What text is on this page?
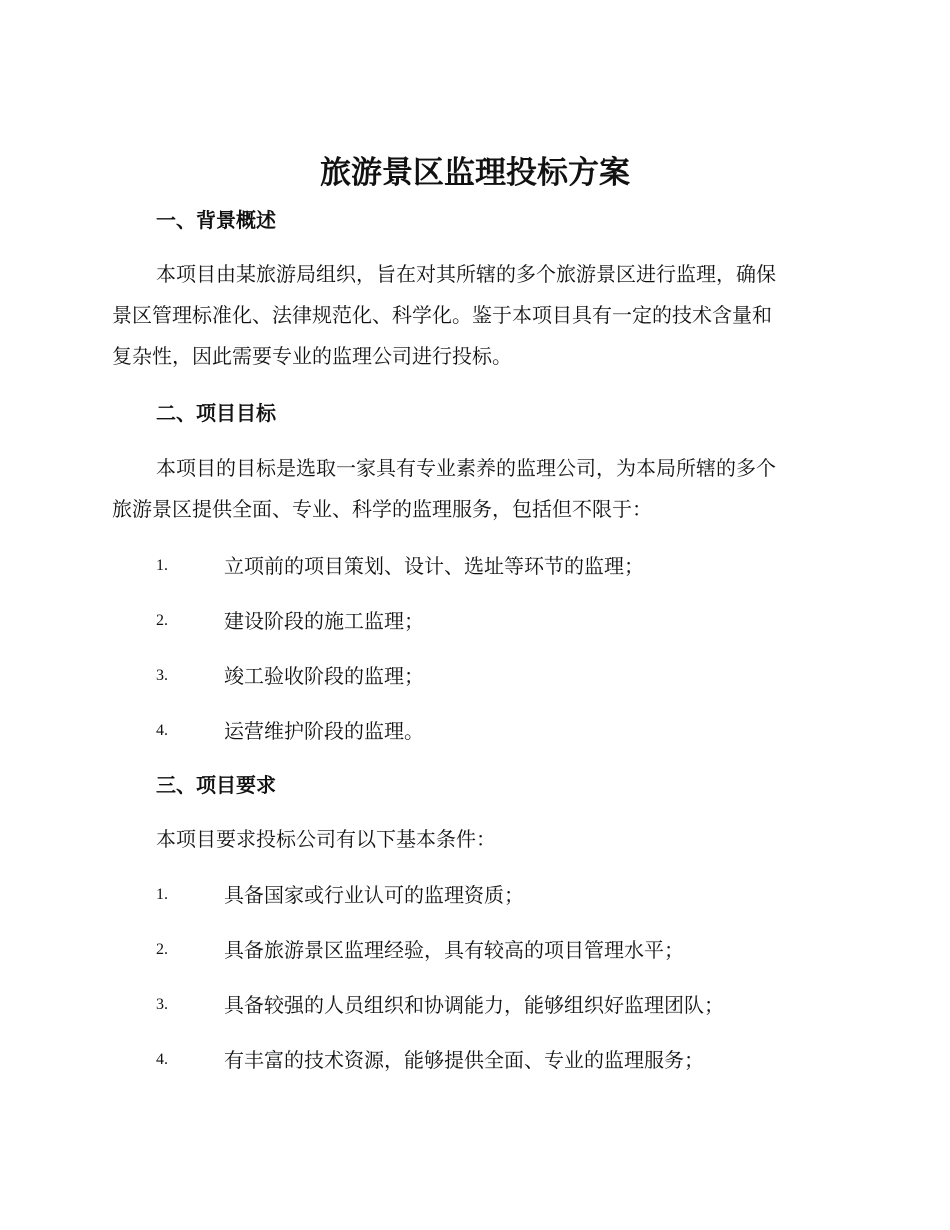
旅游景区监理投标方案
一、背景概述

本项目由某旅游局组织，旨在对其所辖的多个旅游景区进行监理，确保
景区管理标准化、法律规范化、科学化。鉴于本项目具有一定的技术含量和
复杂性，因此需要专业的监理公司进行投标。

二、项目目标

本项目的目标是选取一家具有专业素养的监理公司，为本局所辖的多个
旅游景区提供全面、专业、科学的监理服务，包括但不限于：

1.	立项前的项目策划、设计、选址等环节的监理；
2.	建设阶段的施工监理；
3.	竣工验收阶段的监理；
4.	运营维护阶段的监理。
三、项目要求

本项目要求投标公司有以下基本条件：

1.	具备国家或行业认可的监理资质；
2.	具备旅游景区监理经验，具有较高的项目管理水平；
3.	具备较强的人员组织和协调能力，能够组织好监理团队；
4.	有丰富的技术资源，能够提供全面、专业的监理服务；
